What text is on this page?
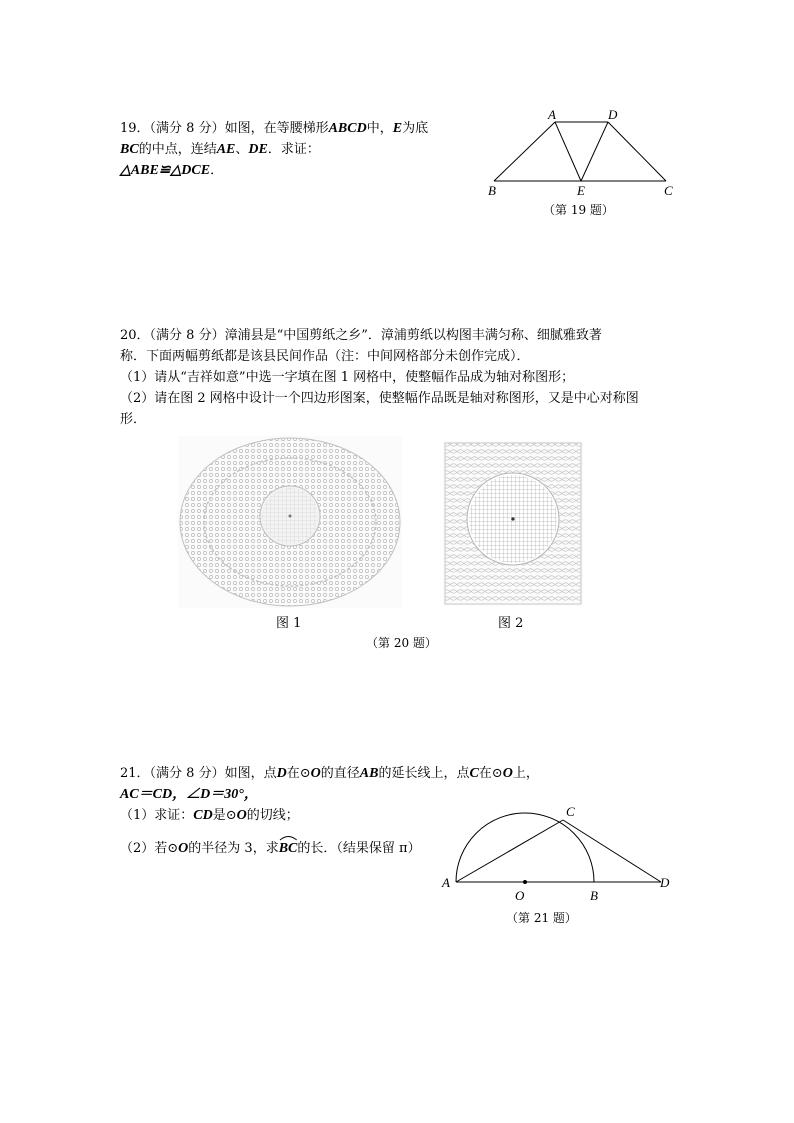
19．（满分 8 分）如图，在等腰梯形ABCD中，E为底
BC的中点，连结AE、DE．求证：
△ABE≌△DCE．
A	D
B	E	C
（第 19 题）
20．（满分 8 分）漳浦县是“中国剪纸之乡”．漳浦剪纸以构图丰满匀称、细腻雅致著
称．下面两幅剪纸都是该县民间作品（注：中间网格部分未创作完成）．
（1）请从“吉祥如意”中选一字填在图 1 网格中，使整幅作品成为轴对称图形；
（2）请在图 2 网格中设计一个四边形图案，使整幅作品既是轴对称图形，又是中心对称图
形．
图 1	图 2
（第 20 题）
21．（满分 8 分）如图，点D在⊙O的直径AB的延长线上，点C在⊙O上，
AC＝CD，∠D＝30°，
（1）求证：CD是⊙O的切线；
（2）若⊙O的半径为 3，求BC
的长．（结果保留 π）
A
C
O	B
D
（第 21 题）
